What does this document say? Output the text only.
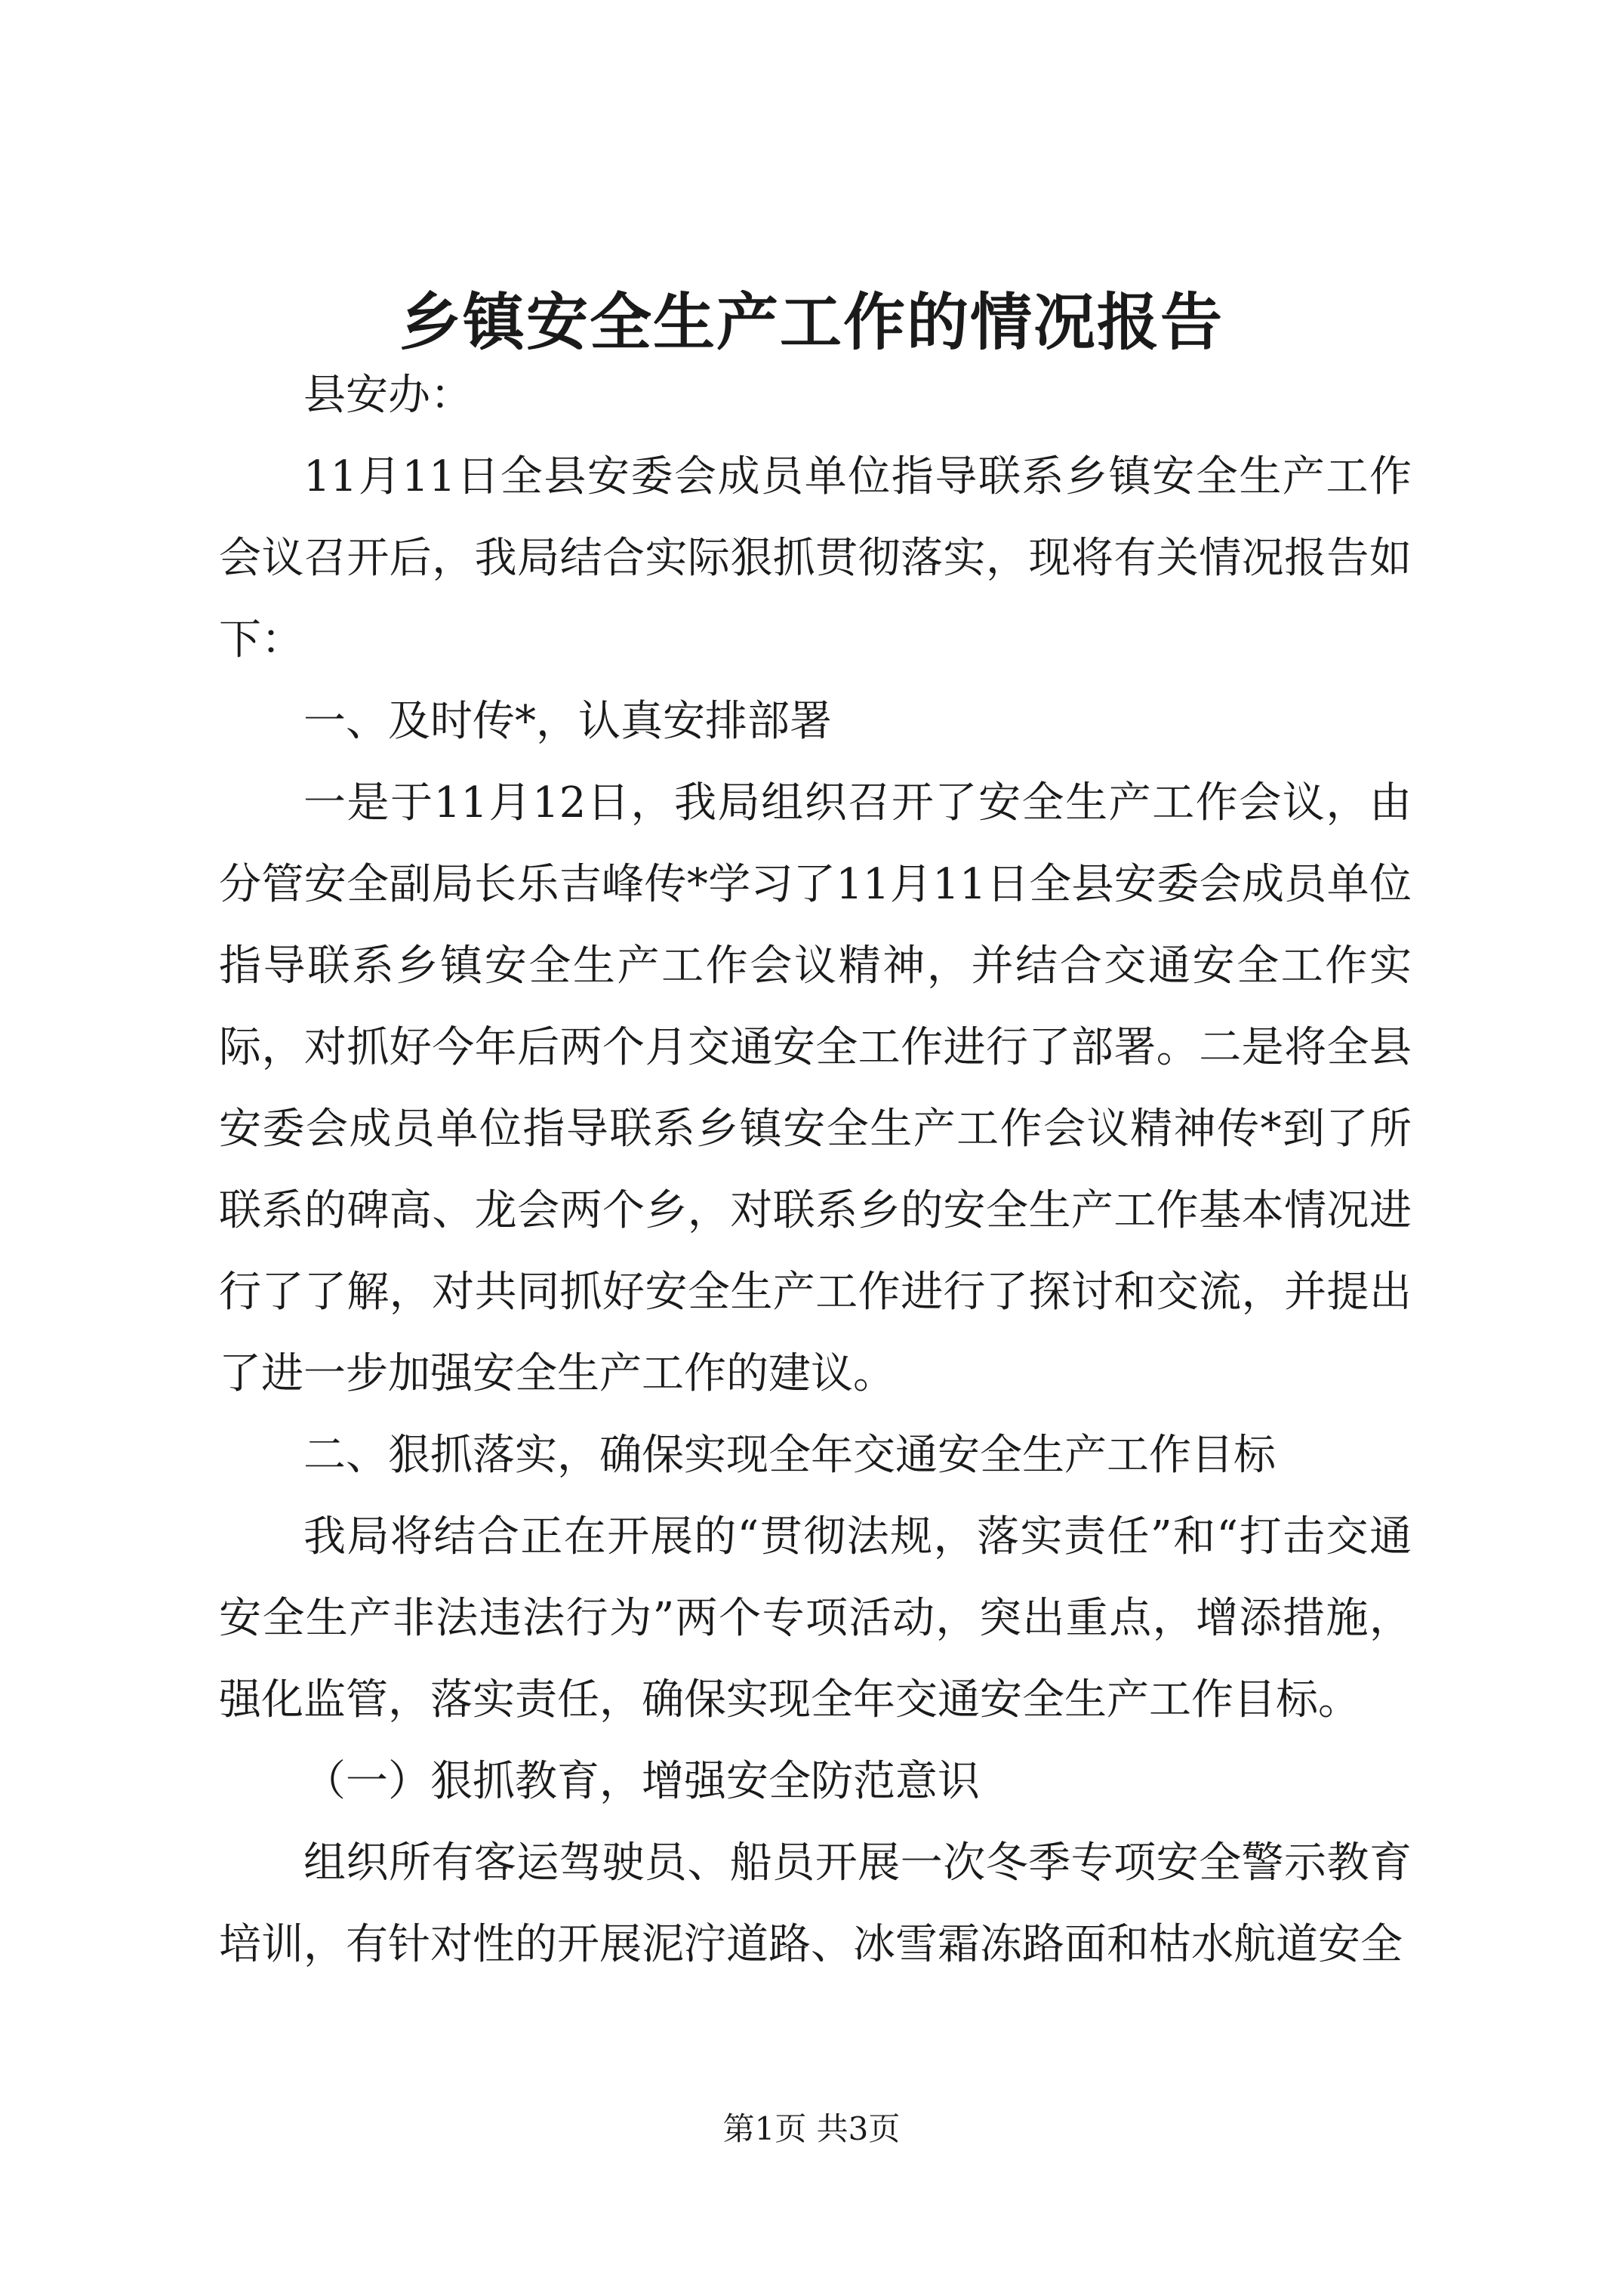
乡镇安全生产工作的情况报告

县安办：

11月11日全县安委会成员单位指导联系乡镇安全生产工作会议召开后，我局结合实际狠抓贯彻落实，现将有关情况报告如下：

一、及时传*，认真安排部署

一是于11月12日，我局组织召开了安全生产工作会议，由分管安全副局长乐吉峰传*学习了11月11日全县安委会成员单位指导联系乡镇安全生产工作会议精神，并结合交通安全工作实际，对抓好今年后两个月交通安全工作进行了部署。二是将全县安委会成员单位指导联系乡镇安全生产工作会议精神传*到了所联系的碑高、龙会两个乡，对联系乡的安全生产工作基本情况进行了了解，对共同抓好安全生产工作进行了探讨和交流，并提出了进一步加强安全生产工作的建议。

二、狠抓落实，确保实现全年交通安全生产工作目标

我局将结合正在开展的“贯彻法规，落实责任”和“打击交通安全生产非法违法行为”两个专项活动，突出重点，增添措施，强化监管，落实责任，确保实现全年交通安全生产工作目标。

（一）狠抓教育，增强安全防范意识

组织所有客运驾驶员、船员开展一次冬季专项安全警示教育培训，有针对性的开展泥泞道路、冰雪霜冻路面和枯水航道安全

第1页 共3页
